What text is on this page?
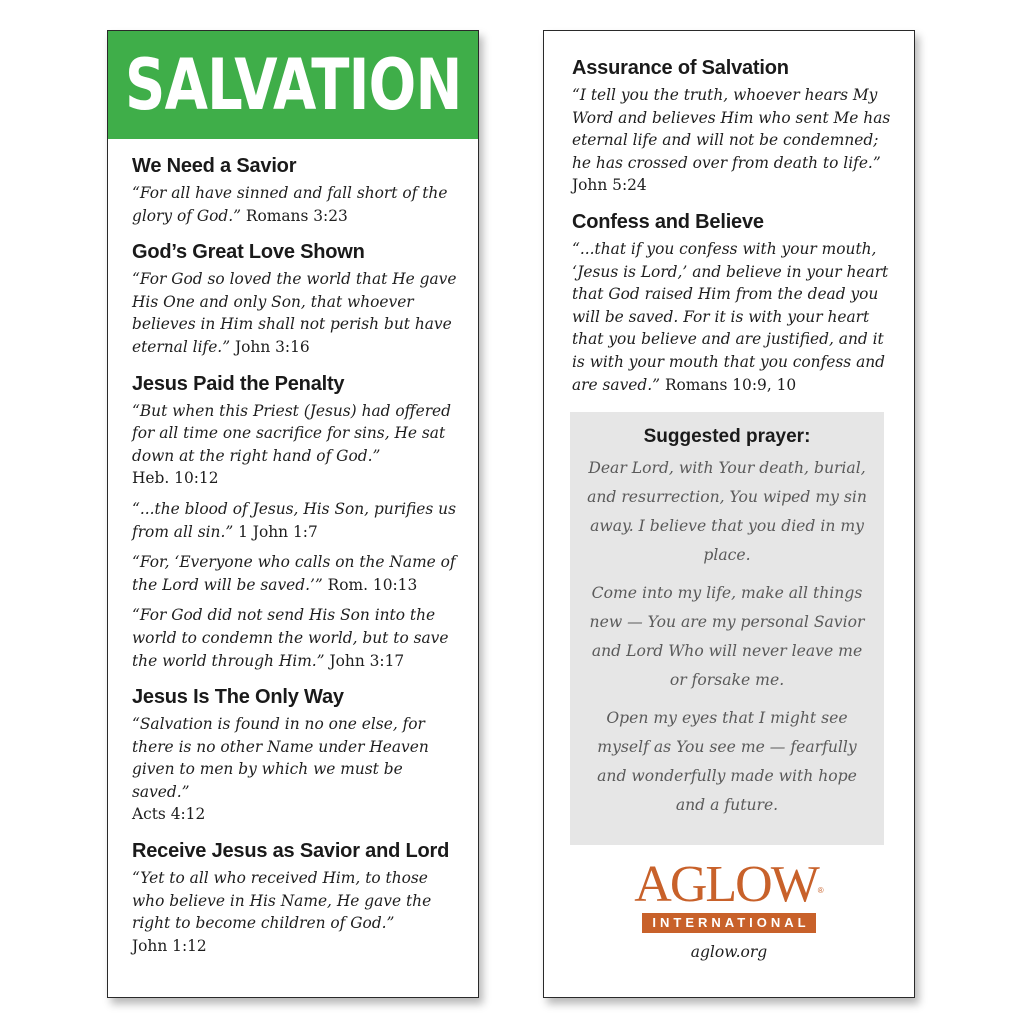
SALVATION
We Need a Savior

“For all have sinned and fall short of the glory of God.” Romans 3:23

God’s Great Love Shown

“For God so loved the world that He gave His One and only Son, that whoever believes in Him shall not perish but have eternal life.” John 3:16

Jesus Paid the Penalty

“But when this Priest (Jesus) had offered for all time one sacrifice for sins, He sat down at the right hand of God.”
Heb. 10:12

“...the blood of Jesus, His Son, purifies us from all sin.” 1 John 1:7

“For, ‘Everyone who calls on the Name of the Lord will be saved.’” Rom. 10:13

“For God did not send His Son into the world to condemn the world, but to save the world through Him.” John 3:17

Jesus Is The Only Way

“Salvation is found in no one else, for there is no other Name under Heaven given to men by which we must be saved.”
Acts 4:12

Receive Jesus as Savior and Lord

“Yet to all who received Him, to those who believe in His Name, He gave the right to become children of God.”
John 1:12

Assurance of Salvation

“I tell you the truth, whoever hears My Word and believes Him who sent Me has eternal life and will not be condemned; he has crossed over from death to life.”
John 5:24

Confess and Believe

“...that if you confess with your mouth, ‘Jesus is Lord,’ and believe in your heart that God raised Him from the dead you will be saved. For it is with your heart that you believe and are justified, and it is with your mouth that you confess and are saved.” Romans 10:9, 10

Suggested prayer:

Dear Lord, with Your death, burial, and resurrection, You wiped my sin away. I believe that you died in my place.

Come into my life, make all things new — You are my personal Savior and Lord Who will never leave me or forsake me.

Open my eyes that I might see myself as You see me — fearfully and wonderfully made with hope and a future.

AGLOW®
INTERNATIONAL
aglow.org
